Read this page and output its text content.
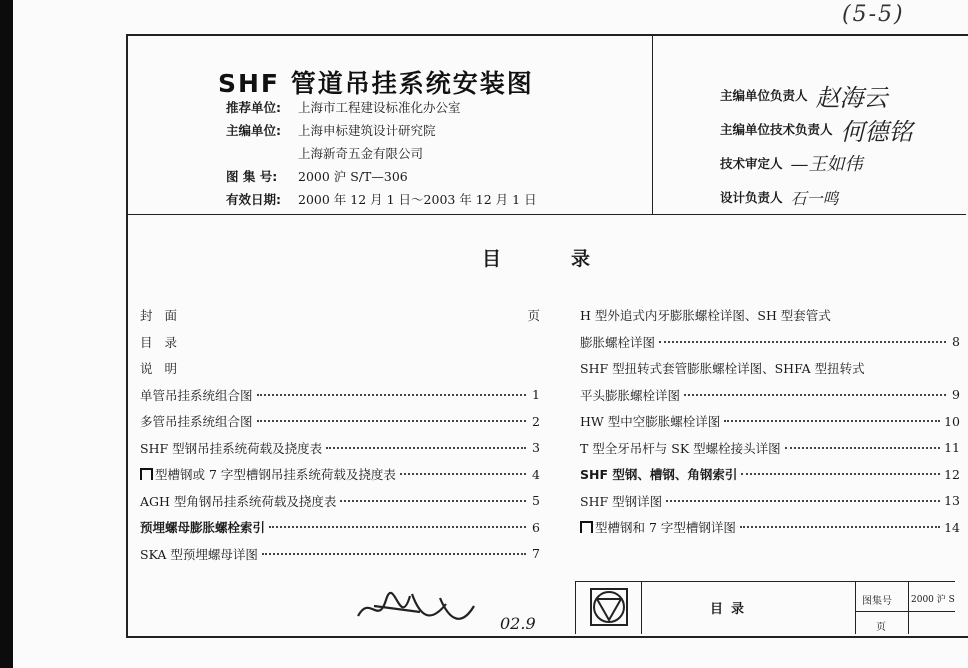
(5-5)
SHF 管道吊挂系统安装图
推荐单位:	上海市工程建设标准化办公室
主编单位:	上海申标建筑设计研究院
上海新奇五金有限公司
图 集 号:	2000 沪 S/T—306
有效日期:	2000 年 12 月 1 日～2003 年 12 月 1 日
主编单位负责人 赵海云
主编单位技术负责人 何德铭
技术审定人 —王如伟
设计负责人 石一鸣
目录
封面	页
目录
说明
单管吊挂系统组合图	1
多管吊挂系统组合图	2
SHF 型钢吊挂系统荷载及挠度表	3
型槽钢或 7 字型槽钢吊挂系统荷载及挠度表	4
AGH 型角钢吊挂系统荷载及挠度表	5
预埋螺母膨胀螺栓索引	6
SKA 型预埋螺母详图	7
H 型外追式内牙膨胀螺栓详图、SH 型套管式
膨胀螺栓详图	8
SHF 型扭转式套管膨胀螺栓详图、SHFA 型扭转式
平头膨胀螺栓详图	9
HW 型中空膨胀螺栓详图	10
T 型全牙吊杆与 SK 型螺栓接头详图	11
SHF 型钢、槽钢、角钢索引	12
SHF 型钢详图	13
型槽钢和 7 字型槽钢详图	14
02.9
目录
图集号 2000 沪 S
页
